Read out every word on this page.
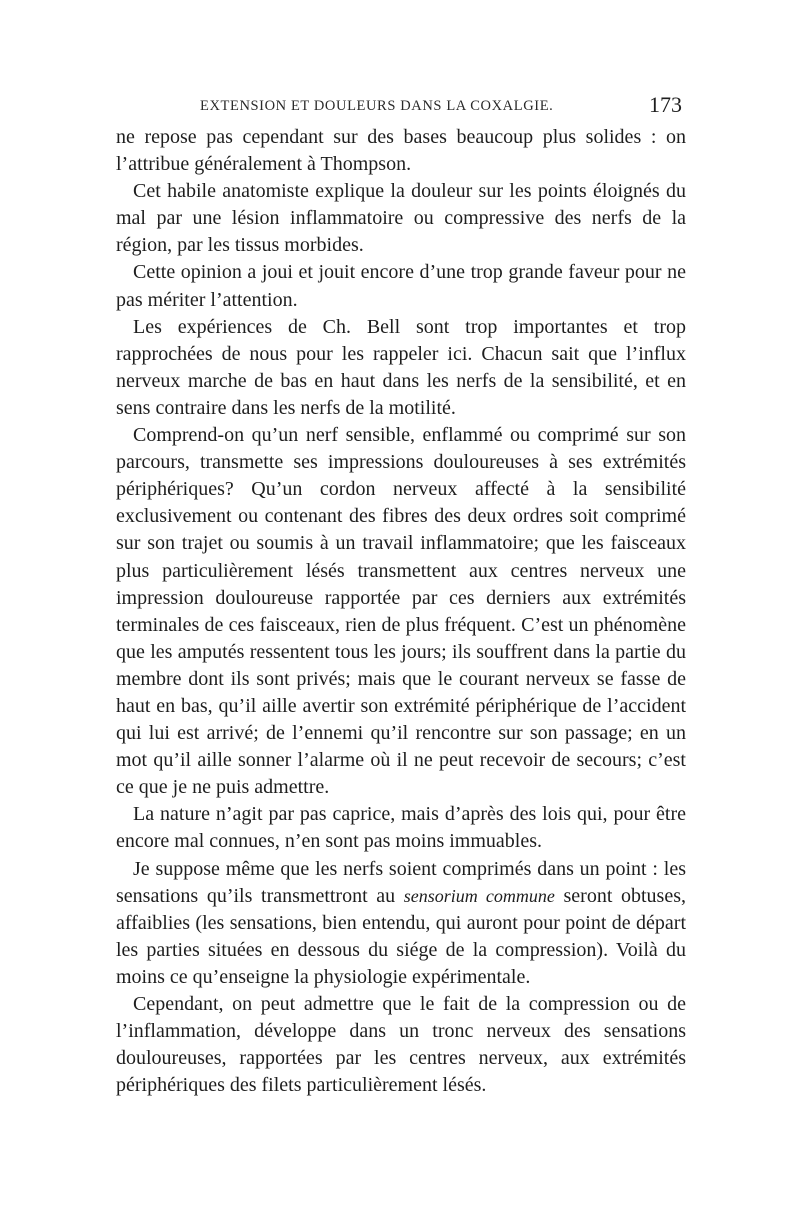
EXTENSION ET DOULEURS DANS LA COXALGIE.	173

ne repose pas cependant sur des bases beaucoup plus solides : on l’attribue généralement à Thompson.

Cet habile anatomiste explique la douleur sur les points éloignés du mal par une lésion inflammatoire ou compressive des nerfs de la région, par les tissus morbides.

Cette opinion a joui et jouit encore d’une trop grande faveur pour ne pas mériter l’attention.

Les expériences de Ch. Bell sont trop importantes et trop rapprochées de nous pour les rappeler ici. Chacun sait que l’influx nerveux marche de bas en haut dans les nerfs de la sensibilité, et en sens contraire dans les nerfs de la motilité.

Comprend-on qu’un nerf sensible, enflammé ou comprimé sur son parcours, transmette ses impressions douloureuses à ses extrémités périphériques? Qu’un cordon nerveux affecté à la sensibilité exclusivement ou contenant des fibres des deux ordres soit comprimé sur son trajet ou soumis à un travail inflammatoire; que les faisceaux plus particulièrement lésés transmettent aux centres nerveux une impression douloureuse rapportée par ces derniers aux extrémités terminales de ces faisceaux, rien de plus fréquent. C’est un phénomène que les amputés ressentent tous les jours; ils souffrent dans la partie du membre dont ils sont privés; mais que le courant nerveux se fasse de haut en bas, qu’il aille avertir son extrémité périphérique de l’accident qui lui est arrivé; de l’ennemi qu’il rencontre sur son passage; en un mot qu’il aille sonner l’alarme où il ne peut recevoir de secours; c’est ce que je ne puis admettre.

La nature n’agit par pas caprice, mais d’après des lois qui, pour être encore mal connues, n’en sont pas moins immuables.

Je suppose même que les nerfs soient comprimés dans un point : les sensations qu’ils transmettront au sensorium commune seront obtuses, affaiblies (les sensations, bien entendu, qui auront pour point de départ les parties situées en dessous du siége de la compression). Voilà du moins ce qu’enseigne la physiologie expérimentale.

Cependant, on peut admettre que le fait de la compression ou de l’inflammation, développe dans un tronc nerveux des sensations douloureuses, rapportées par les centres nerveux, aux extrémités périphériques des filets particulièrement lésés.
